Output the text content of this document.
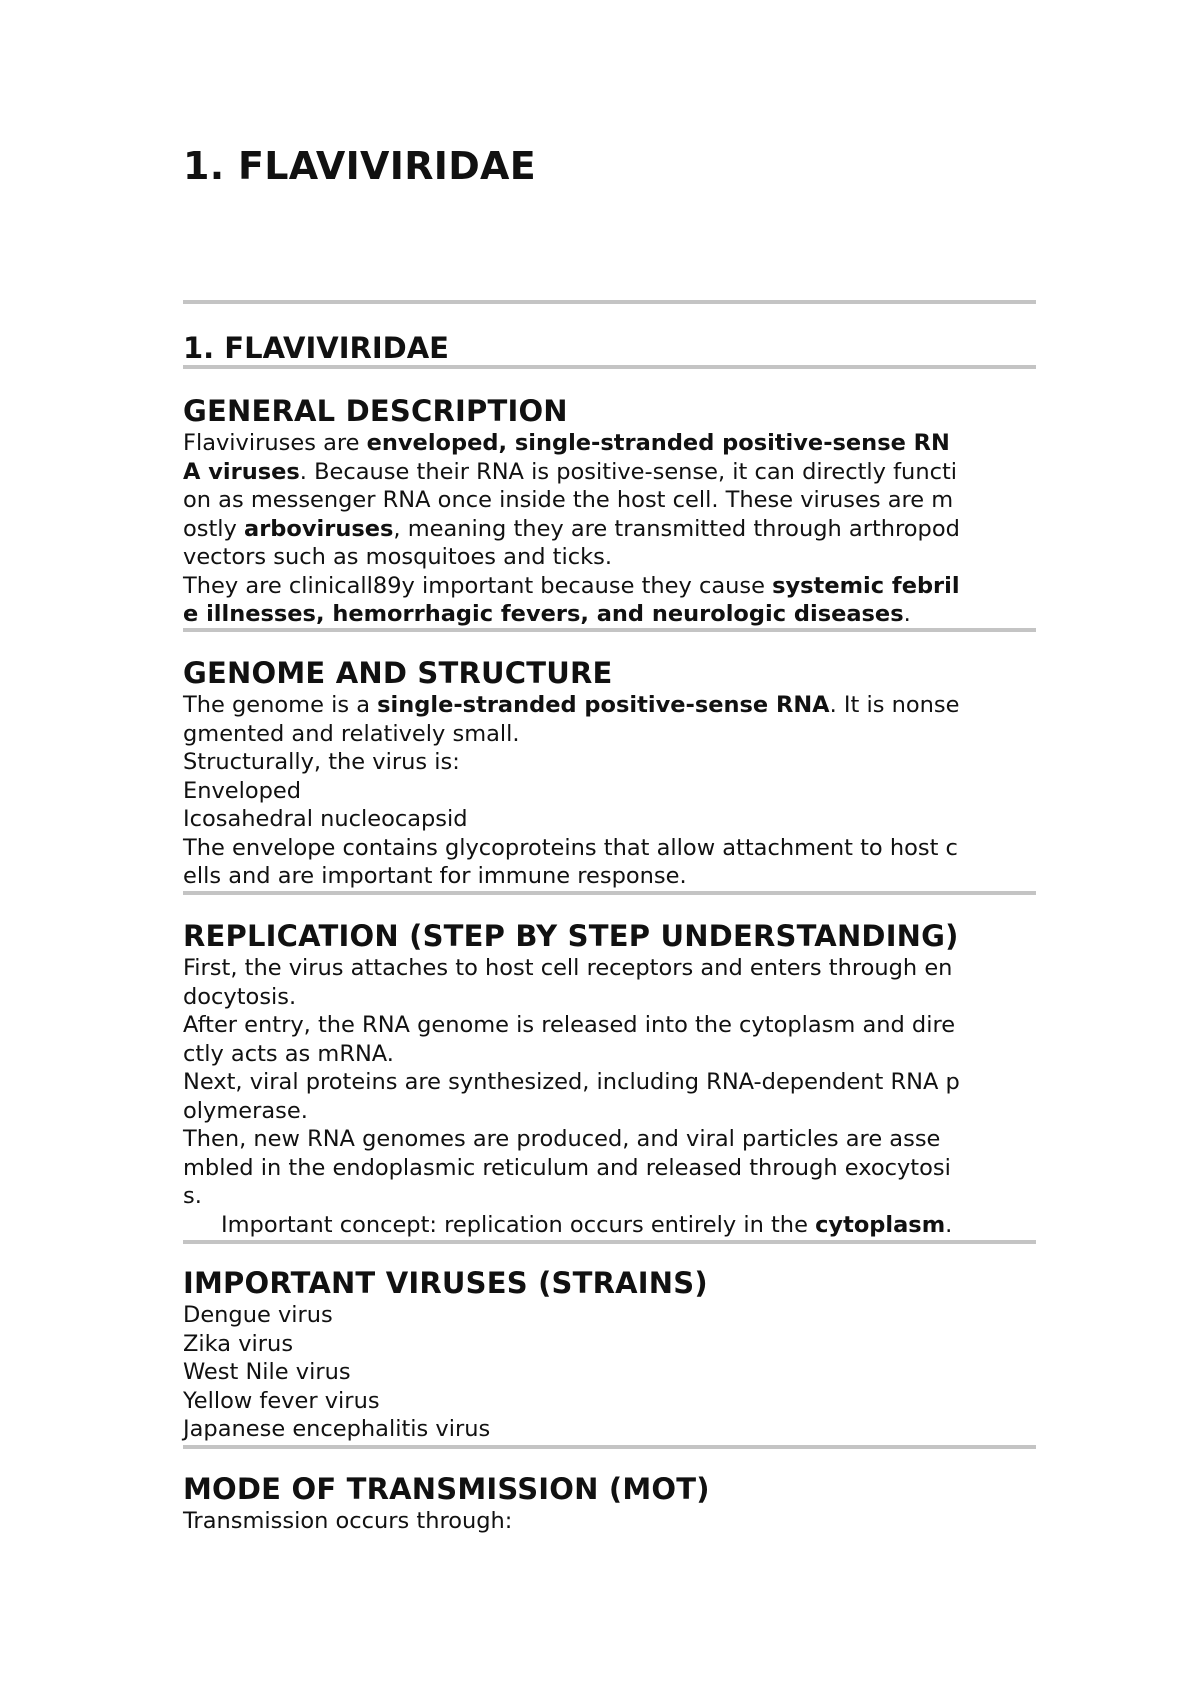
1. FLAVIVIRIDAE
1. FLAVIVIRIDAE
GENERAL DESCRIPTION
Flaviviruses are enveloped, single-stranded positive-sense RN
A viruses. Because their RNA is positive-sense, it can directly functi
on as messenger RNA once inside the host cell. These viruses are m
ostly arboviruses, meaning they are transmitted through arthropod
vectors such as mosquitoes and ticks.
They are clinicall89y important because they cause systemic febril
e illnesses, hemorrhagic fevers, and neurologic diseases.
GENOME AND STRUCTURE
The genome is a single-stranded positive-sense RNA. It is nonse
gmented and relatively small.
Structurally, the virus is:
Enveloped
Icosahedral nucleocapsid
The envelope contains glycoproteins that allow attachment to host c
ells and are important for immune response.
REPLICATION (STEP BY STEP UNDERSTANDING)
First, the virus attaches to host cell receptors and enters through en
docytosis.
After entry, the RNA genome is released into the cytoplasm and dire
ctly acts as mRNA.
Next, viral proteins are synthesized, including RNA-dependent RNA p
olymerase.
Then, new RNA genomes are produced, and viral particles are asse
mbled in the endoplasmic reticulum and released through exocytosi
s.
Important concept: replication occurs entirely in the cytoplasm.
IMPORTANT VIRUSES (STRAINS)
Dengue virus
Zika virus
West Nile virus
Yellow fever virus
Japanese encephalitis virus
MODE OF TRANSMISSION (MOT)
Transmission occurs through:
